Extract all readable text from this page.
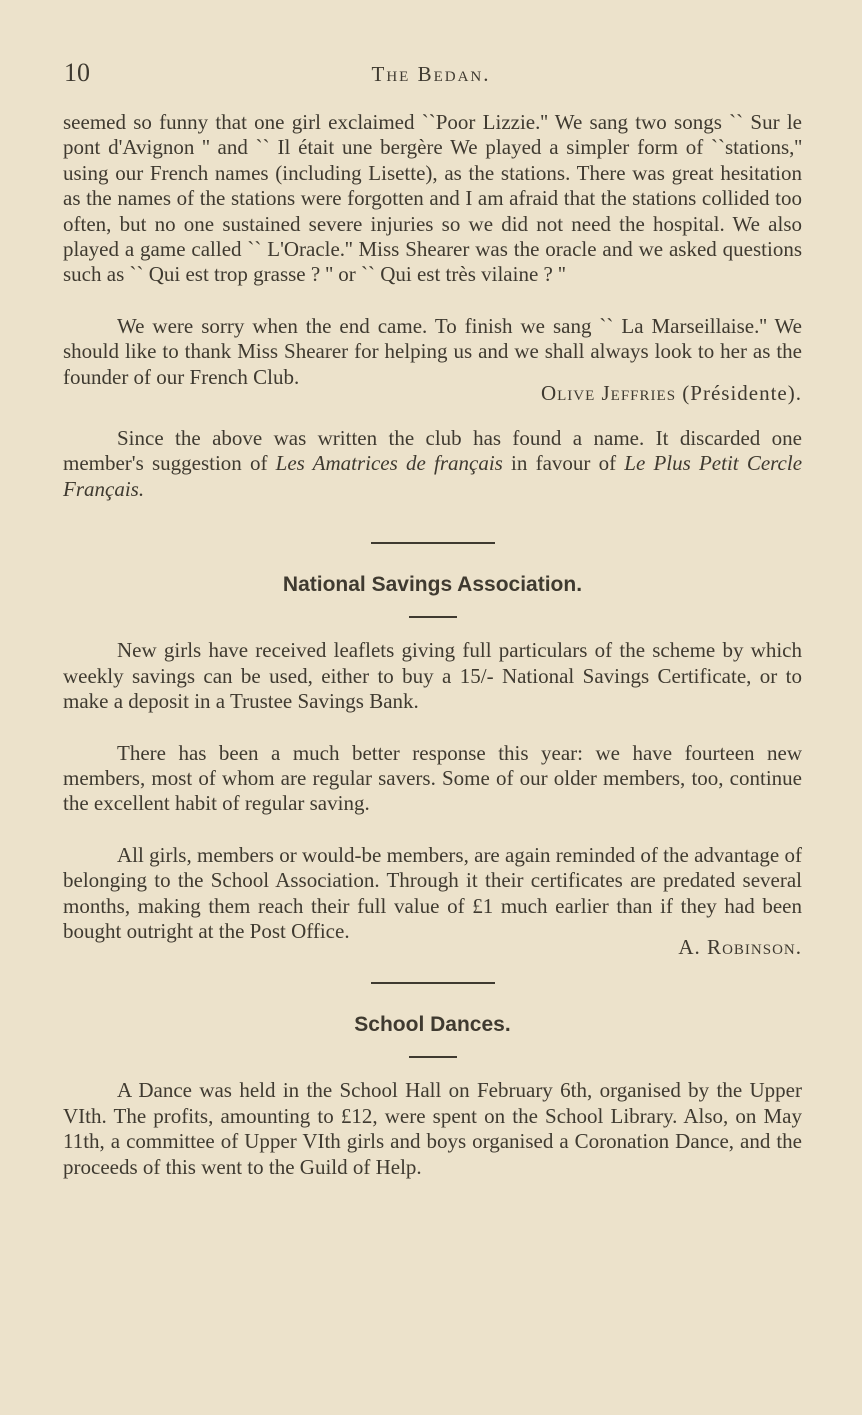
10	The Bedan.

seemed so funny that one girl exclaimed ``Poor Lizzie.'' We sang two songs `` Sur le pont d'Avignon '' and `` Il était une bergère We played a simpler form of ``stations,'' using our French names (including Lisette), as the stations. There was great hesitation as the names of the stations were forgotten and I am afraid that the stations collided too often, but no one sustained severe injuries so we did not need the hospital. We also played a game called `` L'Oracle.'' Miss Shearer was the oracle and we asked questions such as `` Qui est trop grasse ? '' or `` Qui est très vilaine ? ''

We were sorry when the end came. To finish we sang `` La Marseillaise.'' We should like to thank Miss Shearer for helping us and we shall always look to her as the founder of our French Club.

Olive Jeffries (Présidente).

Since the above was written the club has found a name. It discarded one member's suggestion of Les Amatrices de français in favour of Le Plus Petit Cercle Français.

National Savings Association.

New girls have received leaflets giving full particulars of the scheme by which weekly savings can be used, either to buy a 15/- National Savings Certificate, or to make a deposit in a Trustee Savings Bank.

There has been a much better response this year: we have fourteen new members, most of whom are regular savers. Some of our older members, too, continue the excellent habit of regular saving.

All girls, members or would-be members, are again reminded of the advantage of belonging to the School Association. Through it their certificates are predated several months, making them reach their full value of £1 much earlier than if they had been bought outright at the Post Office.

A. Robinson.
School Dances.

A Dance was held in the School Hall on February 6th, organised by the Upper VIth. The profits, amounting to £12, were spent on the School Library. Also, on May 11th, a committee of Upper VIth girls and boys organised a Coronation Dance, and the proceeds of this went to the Guild of Help.
